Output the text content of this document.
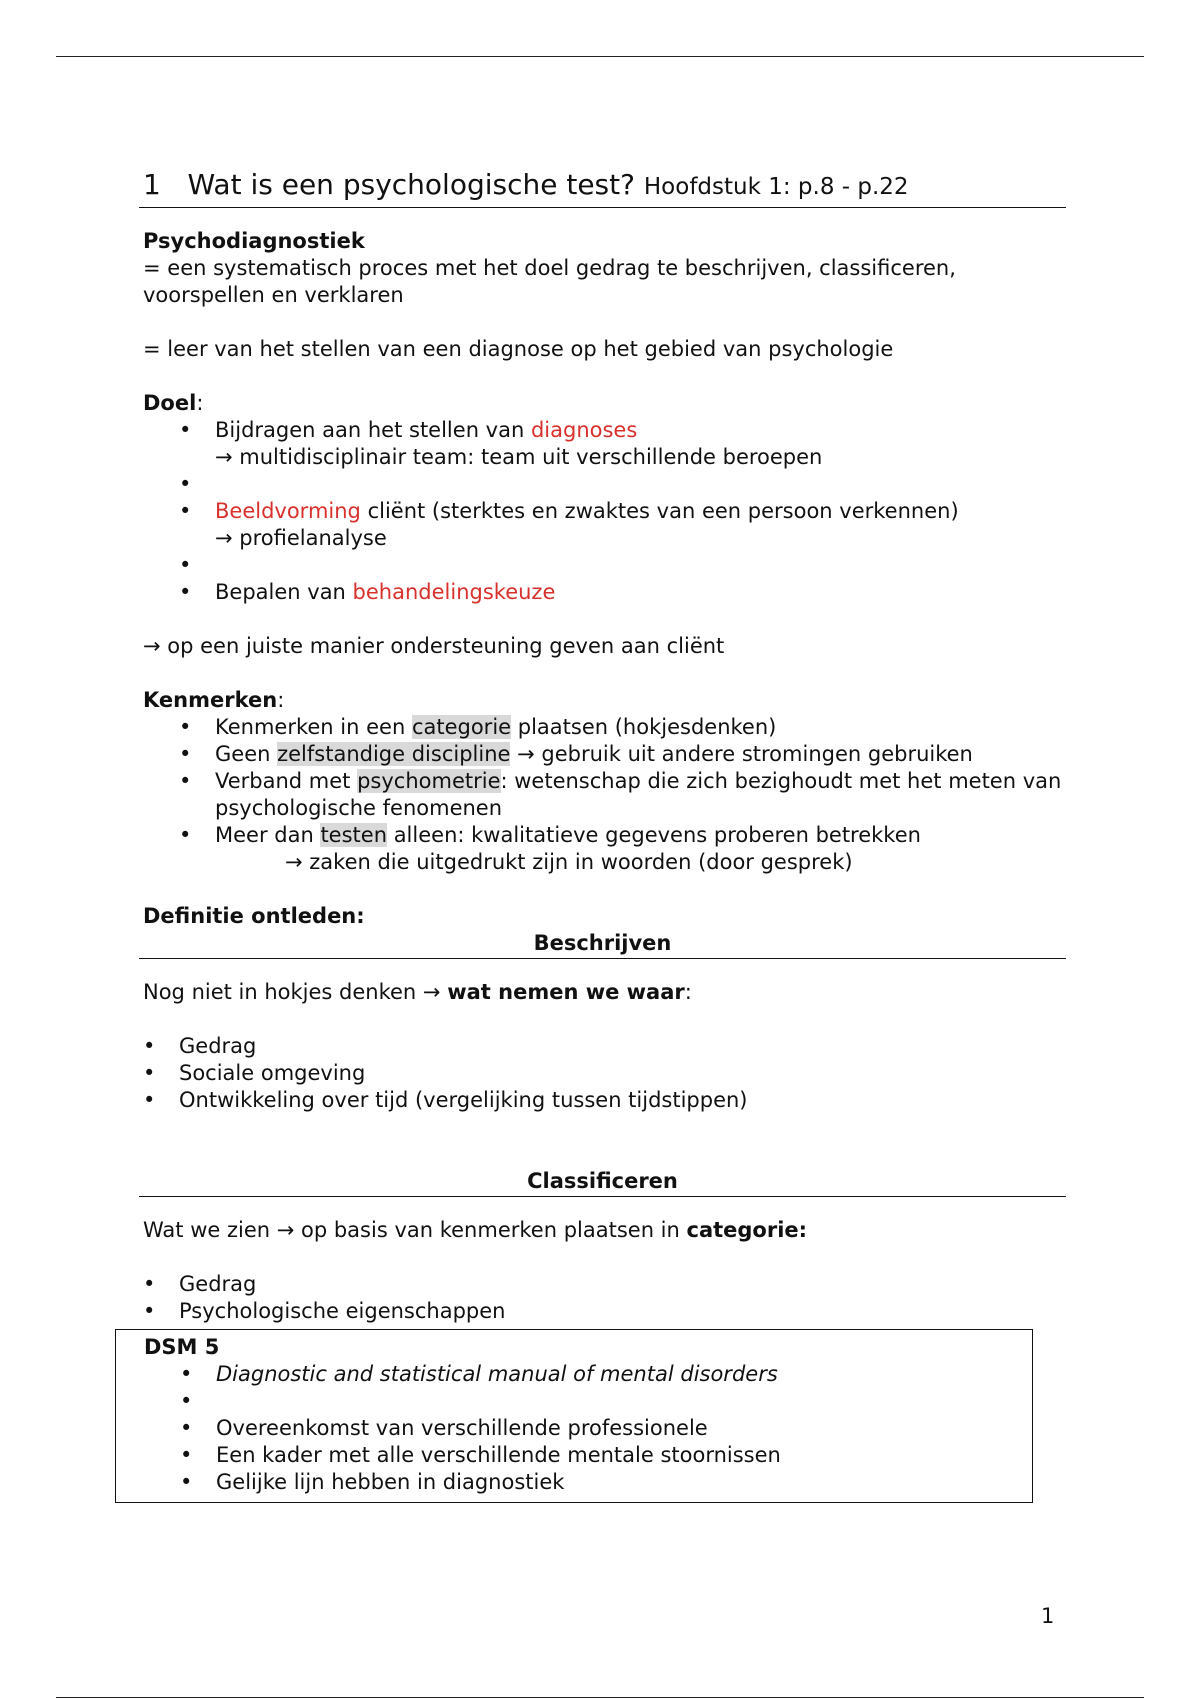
1 Wat is een psychologische test? Hoofdstuk 1: p.8 - p.22

Psychodiagnostiek

= een systematisch proces met het doel gedrag te beschrijven, classificeren, voorspellen en verklaren

= leer van het stellen van een diagnose op het gebied van psychologie

Doel:

• Bijdragen aan het stellen van diagnoses
→ multidisciplinair team: team uit verschillende beroepen
•
• Beeldvorming cliënt (sterktes en zwaktes van een persoon verkennen)
→ profielanalyse
•
• Bepalen van behandelingskeuze

→ op een juiste manier ondersteuning geven aan cliënt

Kenmerken:

• Kenmerken in een categorie plaatsen (hokjesdenken)
• Geen zelfstandige discipline → gebruik uit andere stromingen gebruiken
• Verband met psychometrie: wetenschap die zich bezighoudt met het meten van psychologische fenomenen
• Meer dan testen alleen: kwalitatieve gegevens proberen betrekken
→ zaken die uitgedrukt zijn in woorden (door gesprek)

Definitie ontleden:

Beschrijven

Nog niet in hokjes denken → wat nemen we waar:

• Gedrag
• Sociale omgeving
• Ontwikkeling over tijd (vergelijking tussen tijdstippen)
Classificeren

Wat we zien → op basis van kenmerken plaatsen in categorie:

• Gedrag
• Psychologische eigenschappen

DSM 5

• Diagnostic and statistical manual of mental disorders
•
• Overeenkomst van verschillende professionele
• Een kader met alle verschillende mentale stoornissen
• Gelijke lijn hebben in diagnostiek
1
